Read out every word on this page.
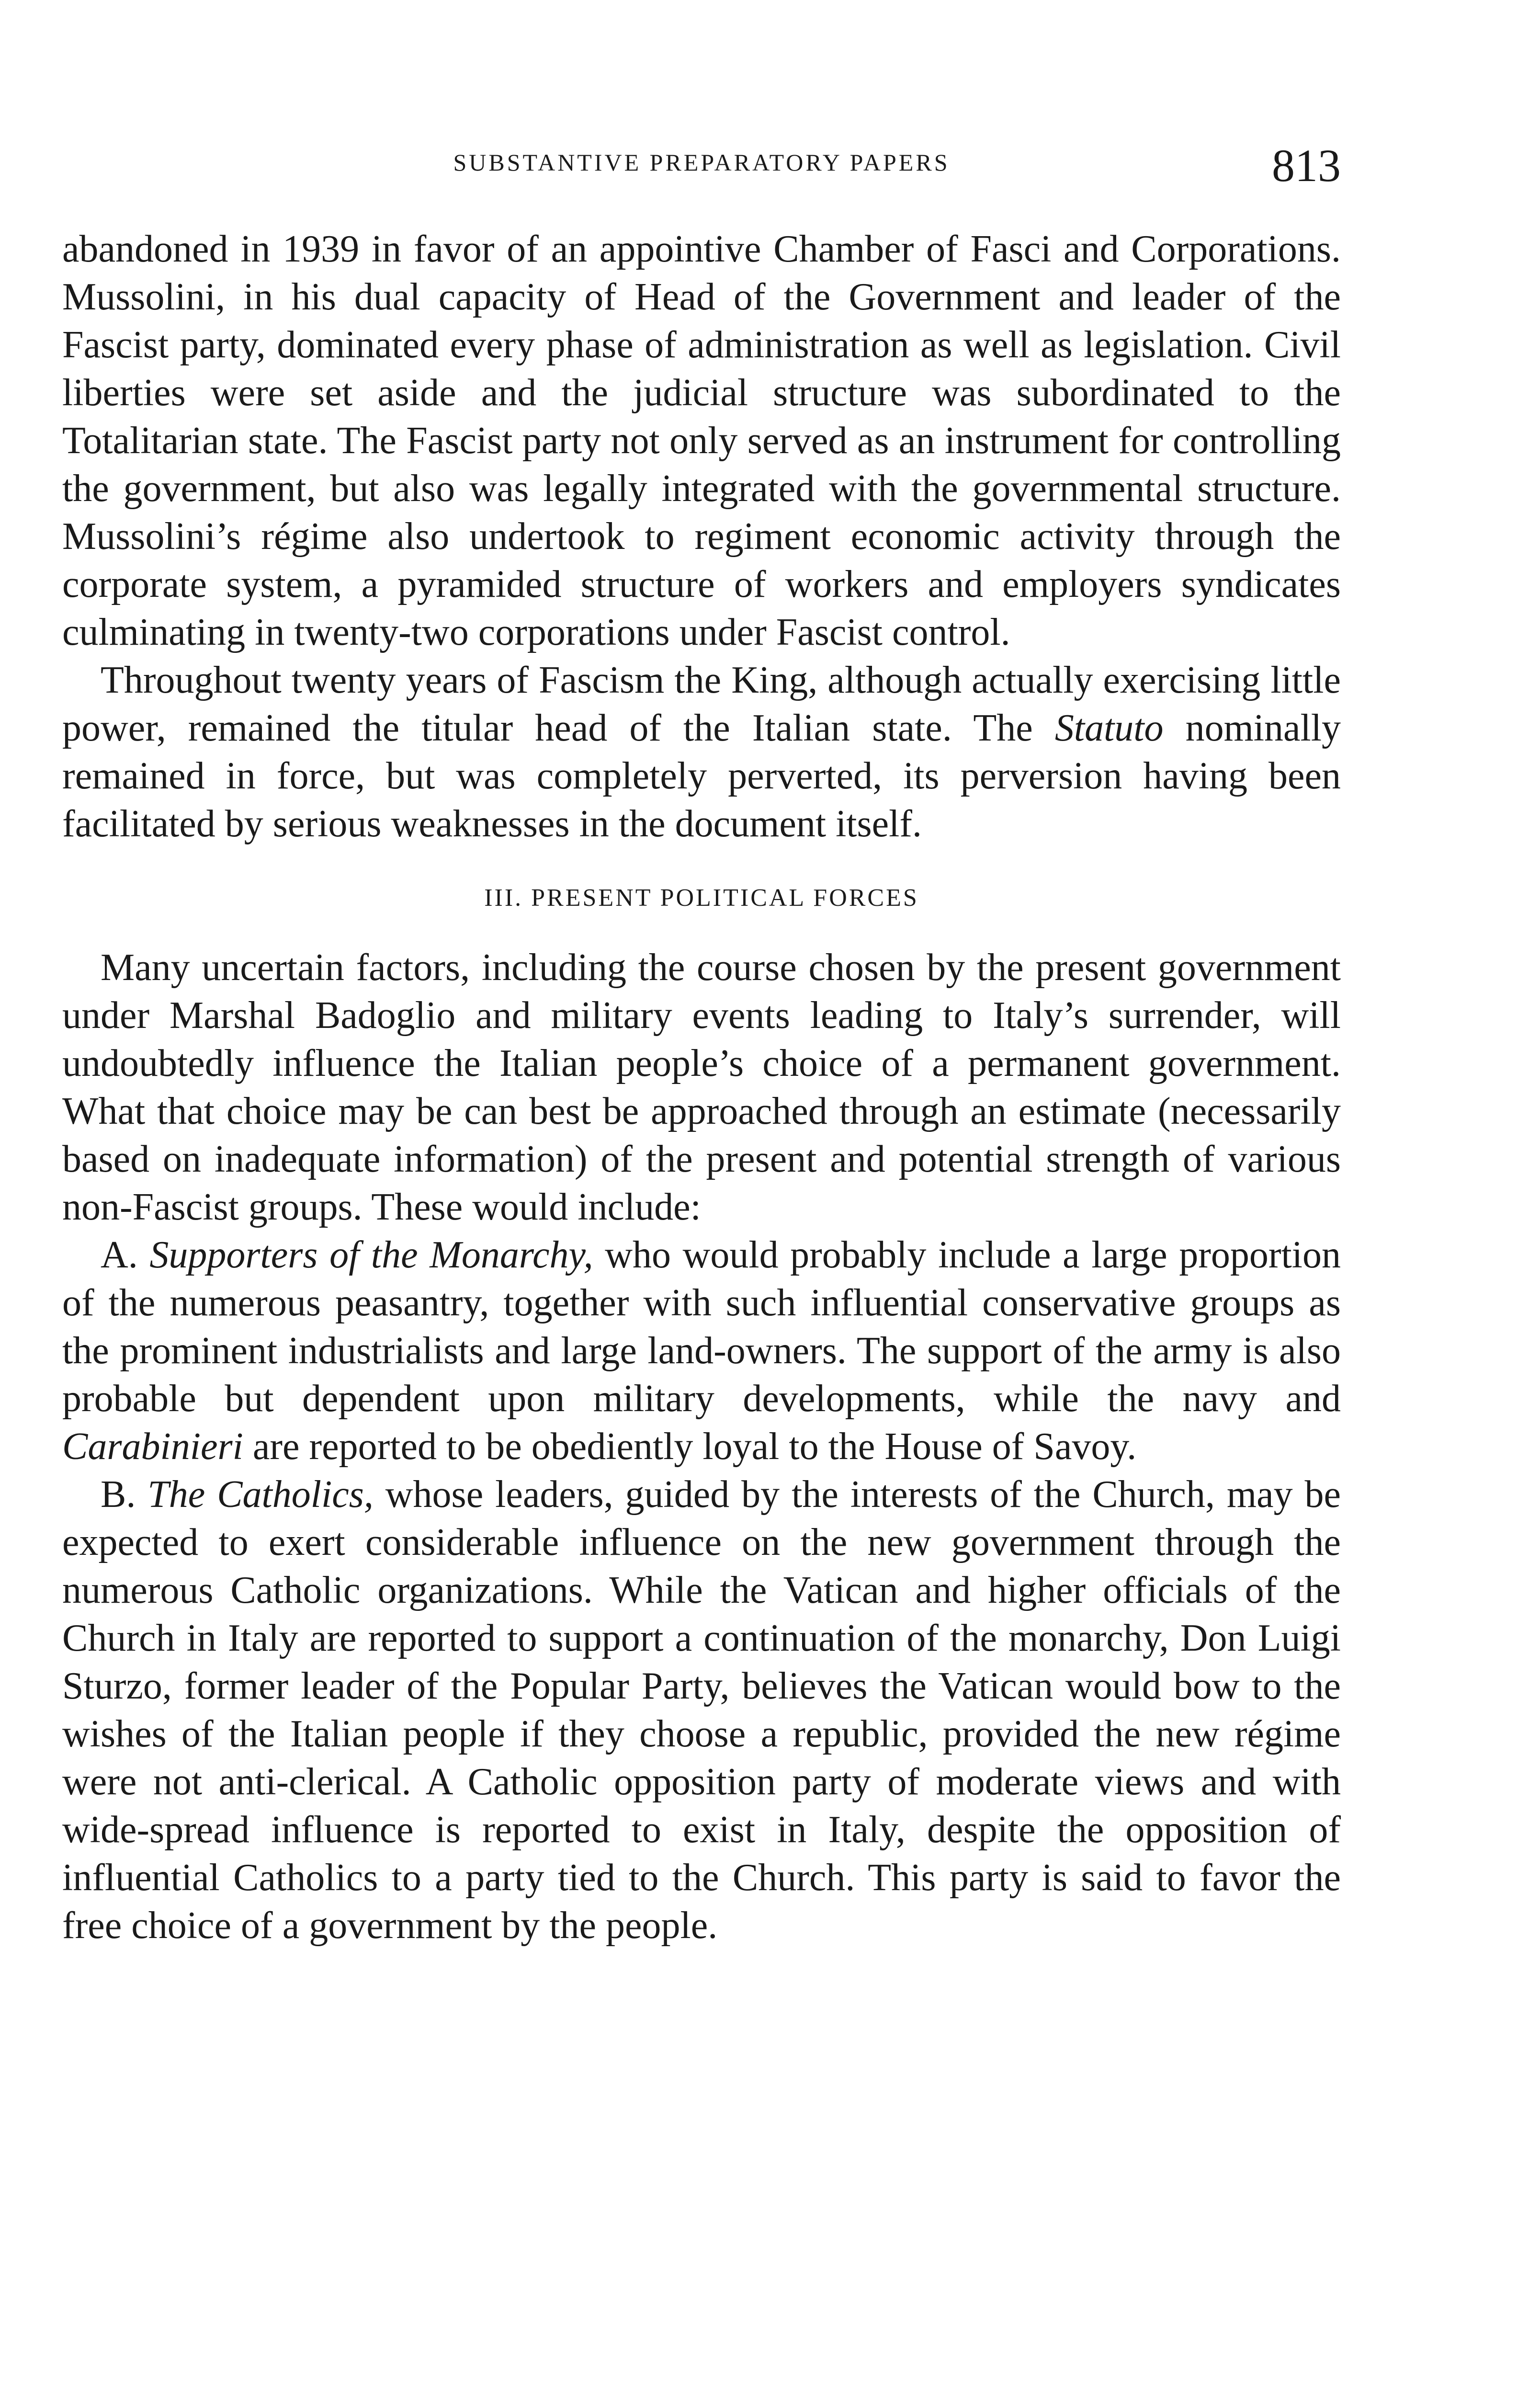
SUBSTANTIVE PREPARATORY PAPERS	813

abandoned in 1939 in favor of an appointive Chamber of Fasci and Corporations. Mussolini, in his dual capacity of Head of the Government and leader of the Fascist party, dominated every phase of administration as well as legislation. Civil liberties were set aside and the judicial structure was subordinated to the Totalitarian state. The Fascist party not only served as an instrument for controlling the government, but also was legally integrated with the governmental structure. Mussolini’s régime also undertook to regiment economic activity through the corporate system, a pyramided structure of workers and employers syndicates culminating in twenty-two corporations under Fascist control.

Throughout twenty years of Fascism the King, although actually exercising little power, remained the titular head of the Italian state. The Statuto nominally remained in force, but was completely perverted, its perversion having been facilitated by serious weaknesses in the document itself.

III. PRESENT POLITICAL FORCES

Many uncertain factors, including the course chosen by the present government under Marshal Badoglio and military events leading to Italy’s surrender, will undoubtedly influence the Italian people’s choice of a permanent government. What that choice may be can best be approached through an estimate (necessarily based on inadequate information) of the present and potential strength of various non-Fascist groups. These would include:

A. Supporters of the Monarchy, who would probably include a large proportion of the numerous peasantry, together with such influential conservative groups as the prominent industrialists and large land-owners. The support of the army is also probable but dependent upon military developments, while the navy and Carabinieri are reported to be obediently loyal to the House of Savoy.

B. The Catholics, whose leaders, guided by the interests of the Church, may be expected to exert considerable influence on the new government through the numerous Catholic organizations. While the Vatican and higher officials of the Church in Italy are reported to support a continuation of the monarchy, Don Luigi Sturzo, former leader of the Popular Party, believes the Vatican would bow to the wishes of the Italian people if they choose a republic, provided the new régime were not anti-clerical. A Catholic opposition party of moderate views and with wide-spread influence is reported to exist in Italy, despite the opposition of influential Catholics to a party tied to the Church. This party is said to favor the free choice of a government by the people.
